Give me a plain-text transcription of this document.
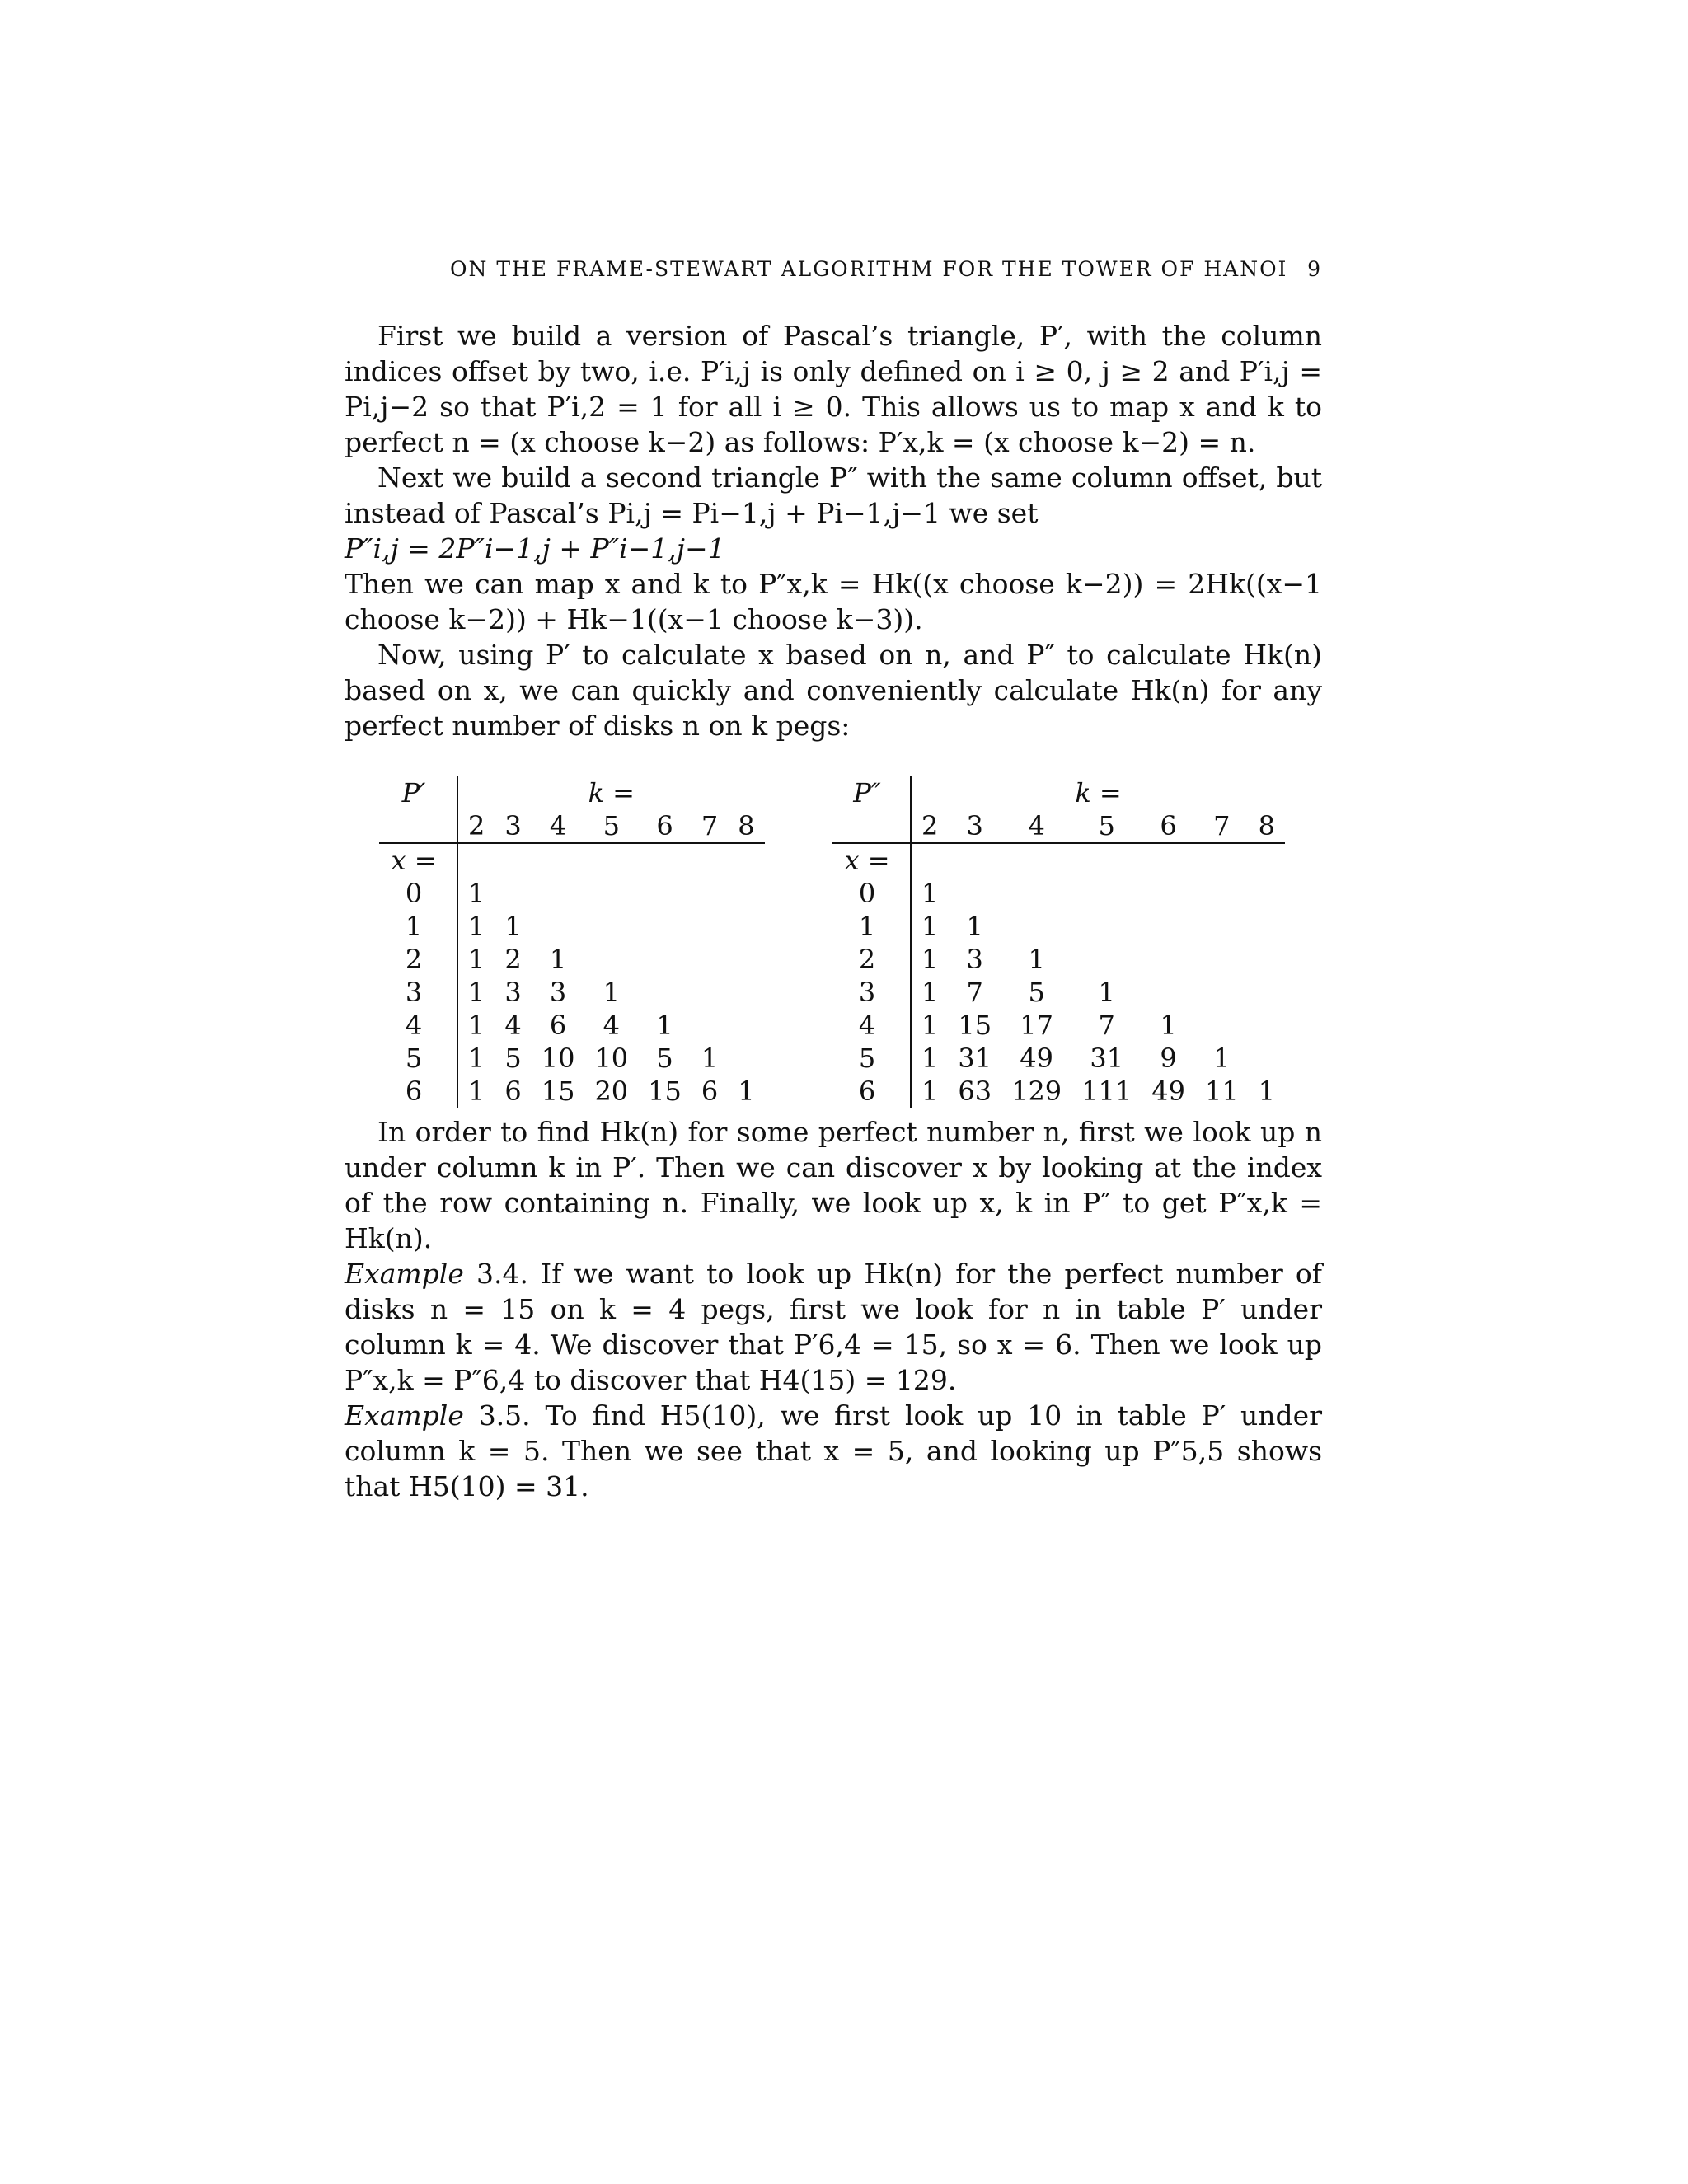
ON THE FRAME-STEWART ALGORITHM FOR THE TOWER OF HANOI 9

First we build a version of Pascal’s triangle, P′, with the column indices offset by two, i.e. P′i,j is only defined on i ≥ 0, j ≥ 2 and P′i,j = Pi,j−2 so that P′i,2 = 1 for all i ≥ 0. This allows us to map x and k to perfect n = (x choose k−2) as follows: P′x,k = (x choose k−2) = n.

Next we build a second triangle P″ with the same column offset, but instead of Pascal’s Pi,j = Pi−1,j + Pi−1,j−1 we set

P″i,j = 2P″i−1,j + P″i−1,j−1

Then we can map x and k to P″x,k = Hk((x choose k−2)) = 2Hk((x−1 choose k−2)) + Hk−1((x−1 choose k−3)).

Now, using P′ to calculate x based on n, and P″ to calculate Hk(n) based on x, we can quickly and conveniently calculate Hk(n) for any perfect number of disks n on k pegs:

P′	k =						
	2	3	4	5	6	7	8
x =							
0	1						
1	1	1					
2	1	2	1				
3	1	3	3	1			
4	1	4	6	4	1		
5	1	5	10	10	5	1	
6	1	6	15	20	15	6	1
P″	k =						
	2	3	4	5	6	7	8
x =							
0	1						
1	1	1					
2	1	3	1				
3	1	7	5	1			
4	1	15	17	7	1		
5	1	31	49	31	9	1	
6	1	63	129	111	49	11	1

In order to find Hk(n) for some perfect number n, first we look up n under column k in P′. Then we can discover x by looking at the index of the row containing n. Finally, we look up x, k in P″ to get P″x,k = Hk(n).

Example 3.4. If we want to look up Hk(n) for the perfect number of disks n = 15 on k = 4 pegs, first we look for n in table P′ under column k = 4. We discover that P′6,4 = 15, so x = 6. Then we look up P″x,k = P″6,4 to discover that H4(15) = 129.

Example 3.5. To find H5(10), we first look up 10 in table P′ under column k = 5. Then we see that x = 5, and looking up P″5,5 shows that H5(10) = 31.
